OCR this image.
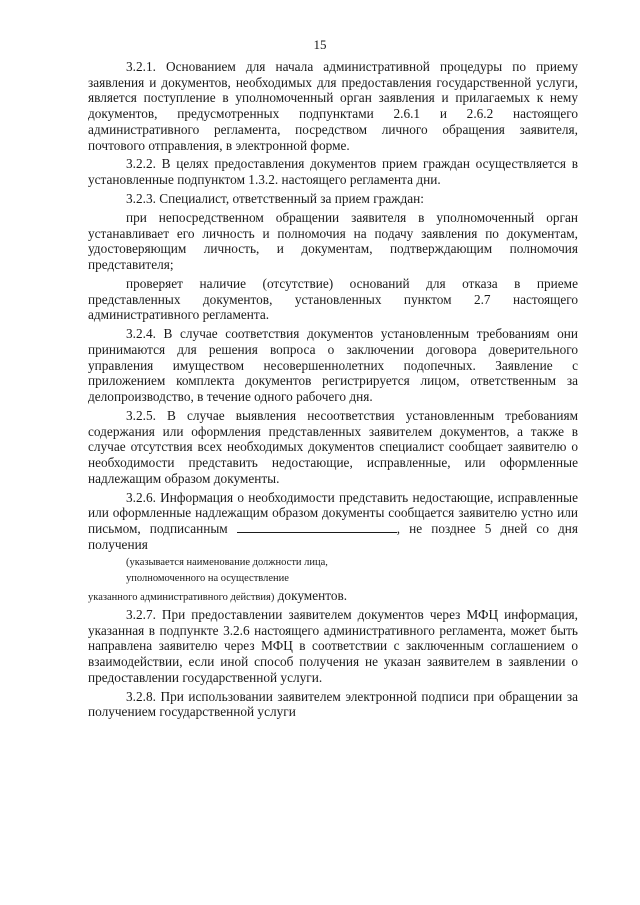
15

3.2.1. Основанием для начала административной процедуры по приему заявления и документов, необходимых для предоставления государственной услуги, является поступление в уполномоченный орган заявления и прилагаемых к нему документов, предусмотренных подпунктами 2.6.1 и 2.6.2 настоящего административного регламента, посредством личного обращения заявителя, почтового отправления, в электронной форме.

3.2.2. В целях предоставления документов прием граждан осуществляется в установленные подпунктом 1.3.2. настоящего регламента дни.

3.2.3. Специалист, ответственный за прием граждан:

при непосредственном обращении заявителя в уполномоченный орган устанавливает его личность и полномочия на подачу заявления по документам, удостоверяющим личность, и документам, подтверждающим полномочия представителя;

проверяет наличие (отсутствие) оснований для отказа в приеме представленных документов, установленных пунктом 2.7 настоящего административного регламента.

3.2.4. В случае соответствия документов установленным требованиям они принимаются для решения вопроса о заключении договора доверительного управления имуществом несовершеннолетних подопечных. Заявление с приложением комплекта документов регистрируется лицом, ответственным за делопроизводство, в течение одного рабочего дня.

3.2.5. В случае выявления несоответствия установленным требованиям содержания или оформления представленных заявителем документов, а также в случае отсутствия всех необходимых документов специалист сообщает заявителю о необходимости представить недостающие, исправленные, или оформленные надлежащим образом документы.

3.2.6. Информация о необходимости представить недостающие, исправленные или оформленные надлежащим образом документы сообщается заявителю устно или письмом, подписанным	, не позднее 5 дней со дня получения

(указывается наименование должности лица,

уполномоченного на осуществление

указанного административного действия) документов.

3.2.7. При предоставлении заявителем документов через МФЦ информация, указанная в подпункте 3.2.6 настоящего административного регламента, может быть направлена заявителю через МФЦ в соответствии с заключенным соглашением о взаимодействии, если иной способ получения не указан заявителем в заявлении о предоставлении государственной услуги.

3.2.8. При использовании заявителем электронной подписи при обращении за получением государственной услуги
